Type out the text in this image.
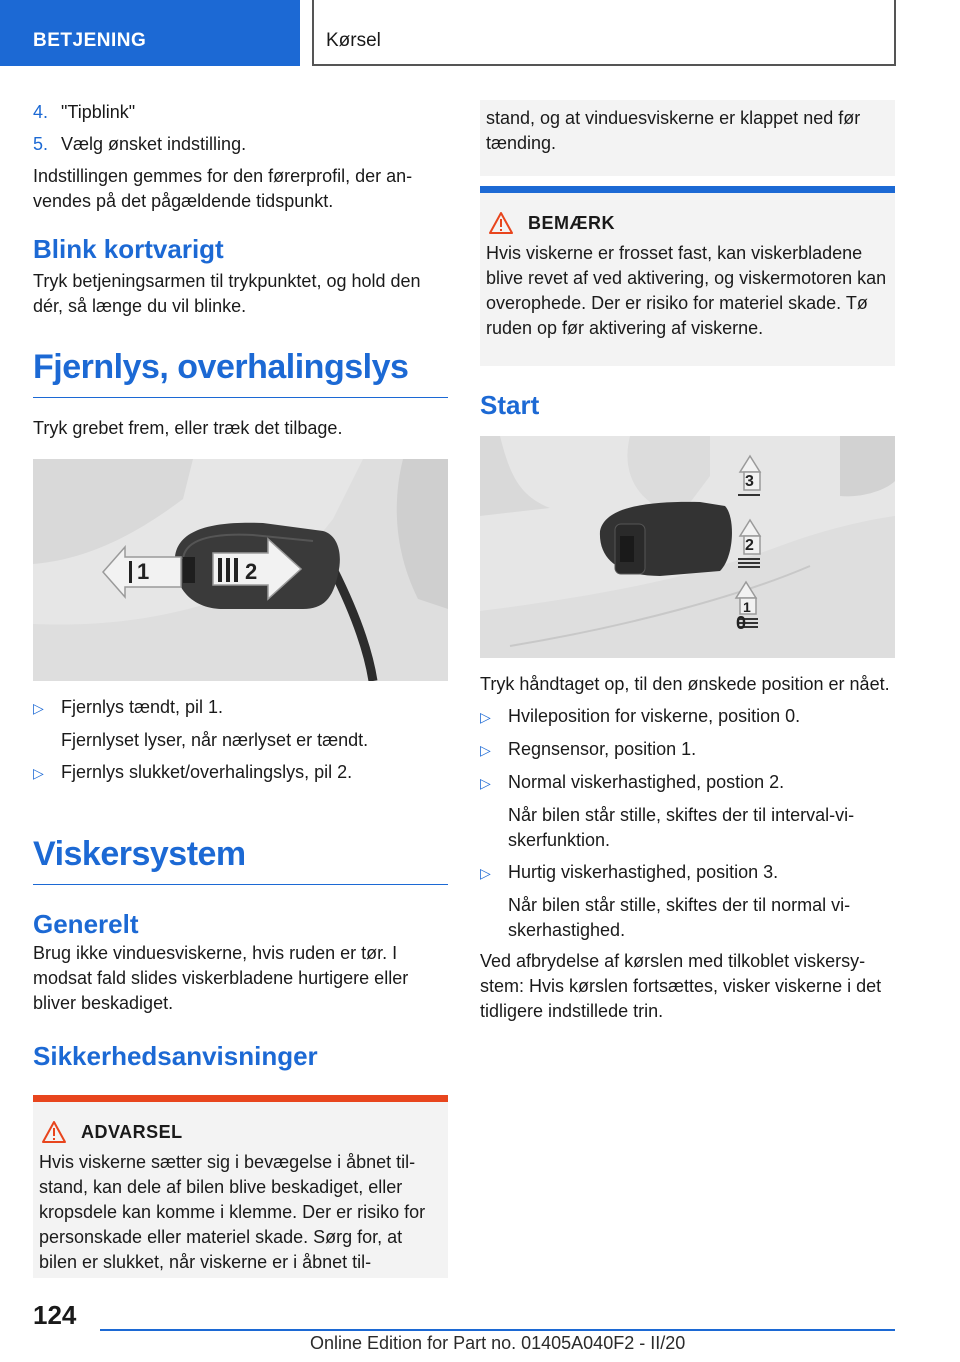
BETJENING	Kørsel
4. "Tipblink"
5. Vælg ønsket indstilling.
Indstillingen gemmes for den førerprofil, der an-vendes på det pågældende tidspunkt.
Blink kortvarigt
Tryk betjeningsarmen til trykpunktet, og hold den dér, så længe du vil blinke.
Fjernlys, overhalingslys
Tryk grebet frem, eller træk det tilbage.
1	2
▷ Fjernlys tændt, pil 1.
Fjernlyset lyser, når nærlyset er tændt.
▷ Fjernlys slukket/overhalingslys, pil 2.
Viskersystem
Generelt
Brug ikke vinduesviskerne, hvis ruden er tør. I modsat fald slides viskerbladene hurtigere eller bliver beskadiget.
Sikkerhedsanvisninger
ADVARSEL
Hvis viskerne sætter sig i bevægelse i åbnet til-stand, kan dele af bilen blive beskadiget, eller kropsdele kan komme i klemme. Der er risiko for personskade eller materiel skade. Sørg for, at bilen er slukket, når viskerne er i åbnet til-
stand, og at vinduesviskerne er klappet ned før tænding.
BEMÆRK
Hvis viskerne er frosset fast, kan viskerbladene blive revet af ved aktivering, og viskermotoren kan overophede. Der er risiko for materiel skade. Tø ruden op før aktivering af viskerne.
Start
1
2
3
0
Tryk håndtaget op, til den ønskede position er nået.
▷ Hvileposition for viskerne, position 0.
▷ Regnsensor, position 1.
▷ Normal viskerhastighed, postion 2.
Når bilen står stille, skiftes der til interval-vi-skerfunktion.
▷ Hurtig viskerhastighed, position 3.
Når bilen står stille, skiftes der til normal vi-skerhastighed.
Ved afbrydelse af kørslen med tilkoblet viskersy-stem: Hvis kørslen fortsættes, visker viskerne i det tidligere indstillede trin.
124
Online Edition for Part no. 01405A040F2 - II/20
